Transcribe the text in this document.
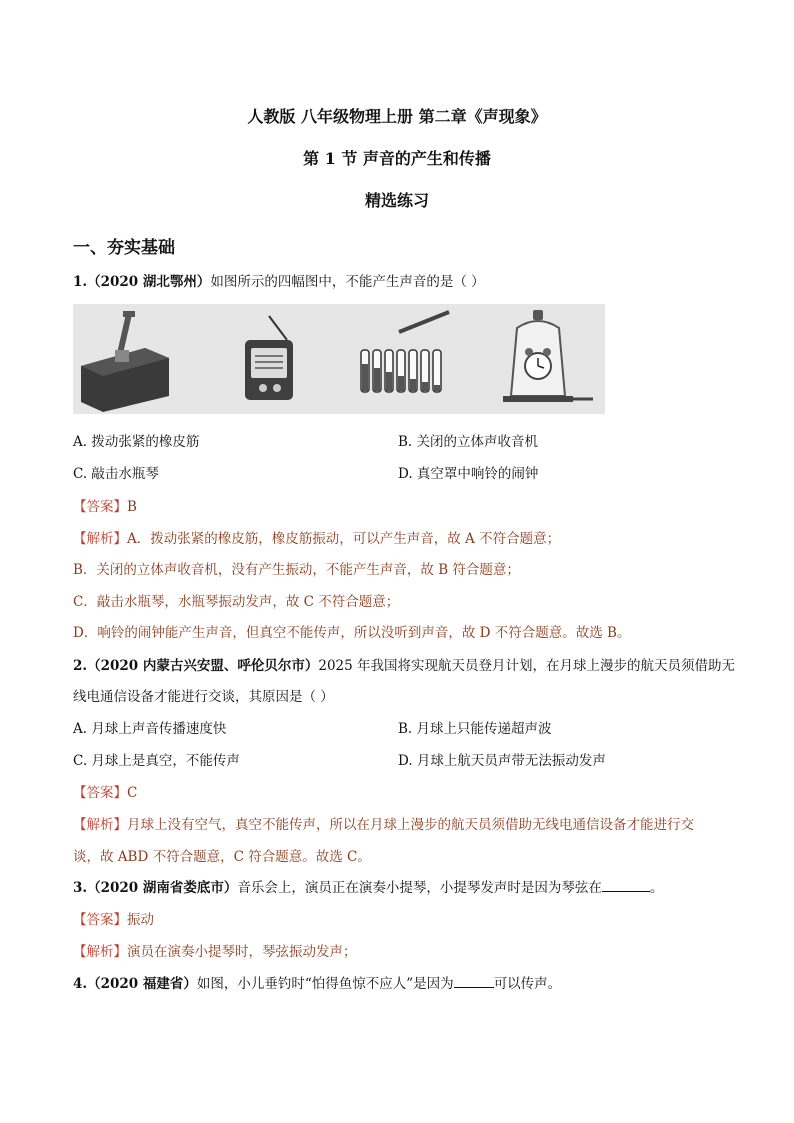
人教版 八年级物理上册 第二章《声现象》
第 1 节 声音的产生和传播
精选练习
一、夯实基础
1.（2020 湖北鄂州）如图所示的四幅图中，不能产生声音的是（ ）
A. 拨动张紧的橡皮筋	B. 关闭的立体声收音机
C. 敲击水瓶琴	D. 真空罩中响铃的闹钟
【答案】B
【解析】A．拨动张紧的橡皮筋，橡皮筋振动，可以产生声音，故 A 不符合题意；
B．关闭的立体声收音机，没有产生振动，不能产生声音，故 B 符合题意；
C．敲击水瓶琴，水瓶琴振动发声，故 C 不符合题意；
D．响铃的闹钟能产生声音，但真空不能传声，所以没听到声音，故 D 不符合题意。故选 B。
2.（2020 内蒙古兴安盟、呼伦贝尔市）2025 年我国将实现航天员登月计划，在月球上漫步的航天员须借助无
线电通信设备才能进行交谈，其原因是（ ）
A. 月球上声音传播速度快	B. 月球上只能传递超声波
C. 月球上是真空，不能传声	D. 月球上航天员声带无法振动发声
【答案】C
【解析】月球上没有空气，真空不能传声，所以在月球上漫步的航天员须借助无线电通信设备才能进行交
谈，故 ABD 不符合题意，C 符合题意。故选 C。
3.（2020 湖南省娄底市）音乐会上，演员正在演奏小提琴，小提琴发声时是因为琴弦在	。
【答案】振动
【解析】演员在演奏小提琴时，琴弦振动发声；
4.（2020 福建省）如图，小儿垂钓时“怕得鱼惊不应人”是因为	可以传声。
